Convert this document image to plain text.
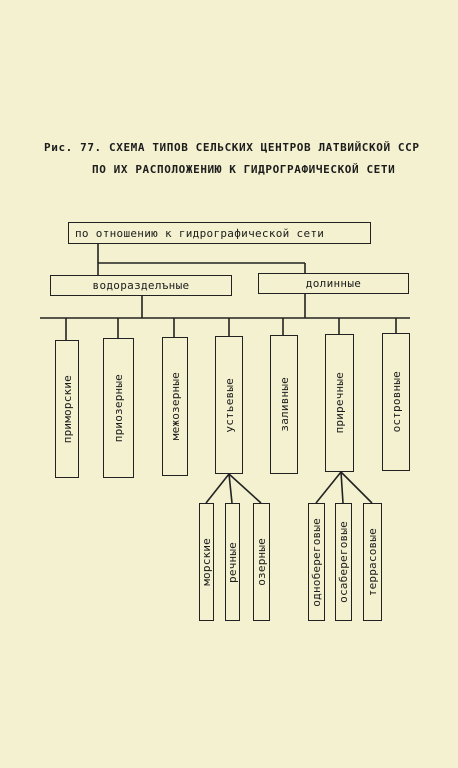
Рис. 77. СХЕМА ТИПОВ СЕЛЬСКИХ ЦЕНТРОВ ЛАТВИЙСКОЙ ССР
ПО ИХ РАСПОЛОЖЕНИЮ К ГИДРОГРАФИЧЕСКОЙ СЕТИ
по отношению к гидрографической сети
водоразделъные	долинные
приморские	приозерные	межозерные	устьевые	заливные	приречные	островные
морские речные озерные	однобереговые осабереговые террасовые
